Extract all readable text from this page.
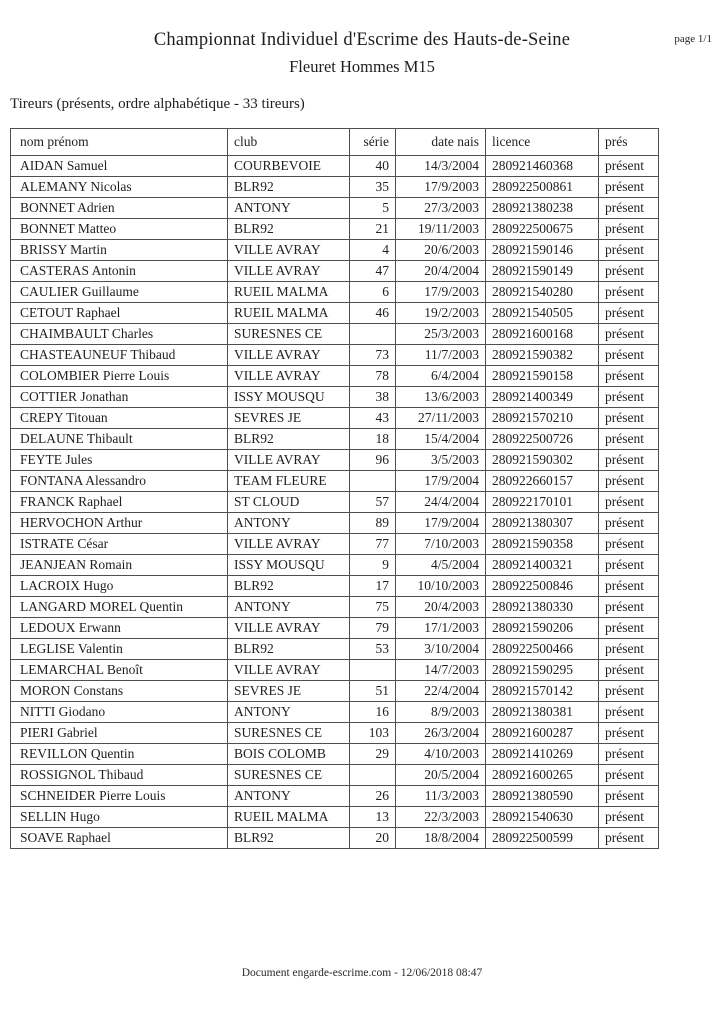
Championnat Individuel d'Escrime des Hauts-de-Seine	page 1/1
Fleuret Hommes M15
Tireurs (présents, ordre alphabétique - 33 tireurs)
nom prénom	club	série	date nais	licence	prés
AIDAN Samuel	COURBEVOIE	40	14/3/2004	280921460368	présent
ALEMANY Nicolas	BLR92	35	17/9/2003	280922500861	présent
BONNET Adrien	ANTONY	5	27/3/2003	280921380238	présent
BONNET Matteo	BLR92	21	19/11/2003	280922500675	présent
BRISSY Martin	VILLE AVRAY	4	20/6/2003	280921590146	présent
CASTERAS Antonin	VILLE AVRAY	47	20/4/2004	280921590149	présent
CAULIER Guillaume	RUEIL MALMA	6	17/9/2003	280921540280	présent
CETOUT Raphael	RUEIL MALMA	46	19/2/2003	280921540505	présent
CHAIMBAULT Charles	SURESNES CE		25/3/2003	280921600168	présent
CHASTEAUNEUF Thibaud	VILLE AVRAY	73	11/7/2003	280921590382	présent
COLOMBIER Pierre Louis	VILLE AVRAY	78	6/4/2004	280921590158	présent
COTTIER Jonathan	ISSY MOUSQU	38	13/6/2003	280921400349	présent
CREPY Titouan	SEVRES JE	43	27/11/2003	280921570210	présent
DELAUNE Thibault	BLR92	18	15/4/2004	280922500726	présent
FEYTE Jules	VILLE AVRAY	96	3/5/2003	280921590302	présent
FONTANA Alessandro	TEAM FLEURE		17/9/2004	280922660157	présent
FRANCK Raphael	ST CLOUD	57	24/4/2004	280922170101	présent
HERVOCHON Arthur	ANTONY	89	17/9/2004	280921380307	présent
ISTRATE César	VILLE AVRAY	77	7/10/2003	280921590358	présent
JEANJEAN Romain	ISSY MOUSQU	9	4/5/2004	280921400321	présent
LACROIX Hugo	BLR92	17	10/10/2003	280922500846	présent
LANGARD MOREL Quentin	ANTONY	75	20/4/2003	280921380330	présent
LEDOUX Erwann	VILLE AVRAY	79	17/1/2003	280921590206	présent
LEGLISE Valentin	BLR92	53	3/10/2004	280922500466	présent
LEMARCHAL Benoît	VILLE AVRAY		14/7/2003	280921590295	présent
MORON Constans	SEVRES JE	51	22/4/2004	280921570142	présent
NITTI Giodano	ANTONY	16	8/9/2003	280921380381	présent
PIERI Gabriel	SURESNES CE	103	26/3/2004	280921600287	présent
REVILLON Quentin	BOIS COLOMB	29	4/10/2003	280921410269	présent
ROSSIGNOL Thibaud	SURESNES CE		20/5/2004	280921600265	présent
SCHNEIDER Pierre Louis	ANTONY	26	11/3/2003	280921380590	présent
SELLIN Hugo	RUEIL MALMA	13	22/3/2003	280921540630	présent
SOAVE Raphael	BLR92	20	18/8/2004	280922500599	présent
Document engarde-escrime.com - 12/06/2018 08:47
